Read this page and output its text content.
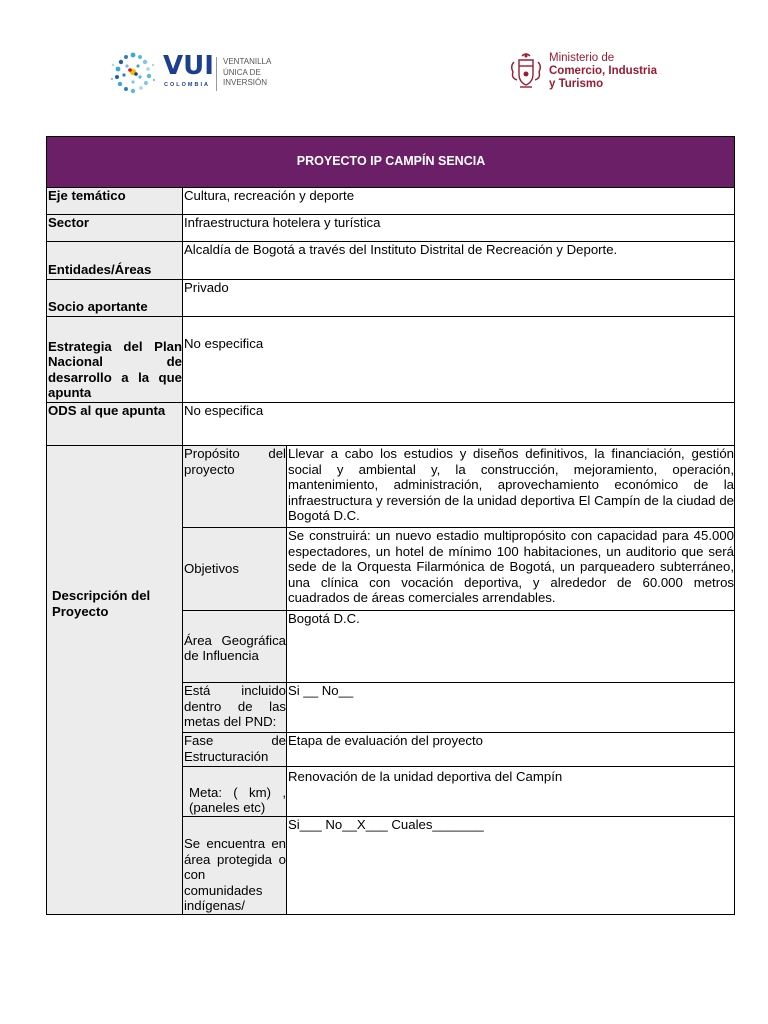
VUI
COLOMBIA
VENTANILLA
ÚNICA DE
INVERSIÓN
Ministerio de
Comercio, Industria
y Turismo
PROYECTO IP CAMPÍN SENCIA		
Eje temático	Cultura, recreación y deporte	
Sector	Infraestructura hotelera y turística	
Entidades/Áreas	Alcaldía de Bogotá a través del Instituto Distrital de Recreación y Deporte.	
Socio aportante	Privado	
Estrategia del Plan Nacional de desarrollo a la que apunta	No especifica	
ODS al que apunta	No especifica	

Descripción del Proyecto	Propósito del proyecto	Llevar a cabo los estudios y diseños definitivos, la financiación, gestión social y ambiental y, la construcción, mejoramiento, operación, mantenimiento, administración, aprovechamiento económico de la infraestructura y reversión de la unidad deportiva El Campín de la ciudad de Bogotá D.C.
	Objetivos	Se construirá: un nuevo estadio multipropósito con capacidad para 45.000 espectadores, un hotel de mínimo 100 habitaciones, un auditorio que será sede de la Orquesta Filarmónica de Bogotá, un parqueadero subterráneo, una clínica con vocación deportiva, y alrededor de 60.000 metros cuadrados de áreas comerciales arrendables.
	Área Geográfica de Influencia	Bogotá D.C.
	Está incluido dentro de las metas del PND:	Si __ No__
	Fase de Estructuración	Etapa de evaluación del proyecto
	Meta: ( km) , (paneles etc)	Renovación de la unidad deportiva del Campín
	Se encuentra en área protegida o con comunidades indígenas/	Si___ No__X___ Cuales_______
